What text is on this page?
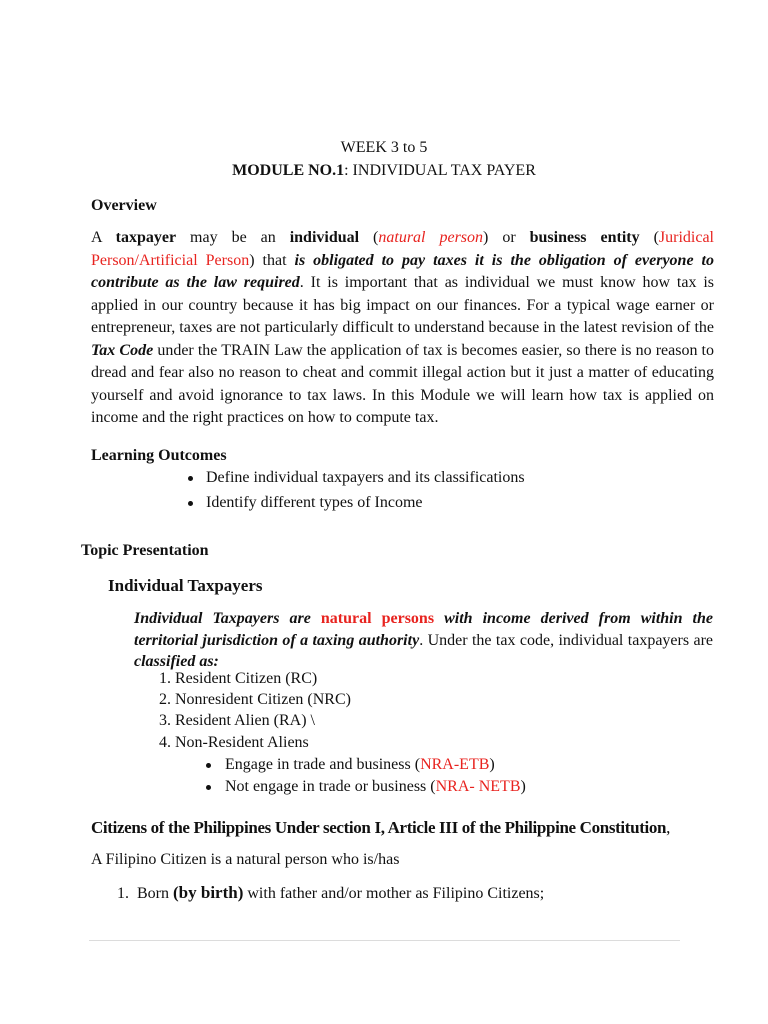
WEEK 3 to 5
MODULE NO.1: INDIVIDUAL TAX PAYER
Overview
A taxpayer may be an individual (natural person) or business entity (Juridical Person/Artificial Person) that is obligated to pay taxes it is the obligation of everyone to contribute as the law required. It is important that as individual we must know how tax is applied in our country because it has big impact on our finances. For a typical wage earner or entrepreneur, taxes are not particularly difficult to understand because in the latest revision of the Tax Code under the TRAIN Law the application of tax is becomes easier, so there is no reason to dread and fear also no reason to cheat and commit illegal action but it just a matter of educating yourself and avoid ignorance to tax laws. In this Module we will learn how tax is applied on income and the right practices on how to compute tax.
Learning Outcomes
Define individual taxpayers and its classifications
Identify different types of Income
Topic Presentation
Individual Taxpayers
Individual Taxpayers are natural persons with income derived from within the territorial jurisdiction of a taxing authority. Under the tax code, individual taxpayers are classified as:
1. Resident Citizen (RC)
2. Nonresident Citizen (NRC)
3. Resident Alien (RA) \
4. Non-Resident Aliens
Engage in trade and business (NRA-ETB)
Not engage in trade or business (NRA- NETB)
Citizens of the Philippines Under section I, Article III of the Philippine Constitution,
A Filipino Citizen is a natural person who is/has
1. Born (by birth) with father and/or mother as Filipino Citizens;
